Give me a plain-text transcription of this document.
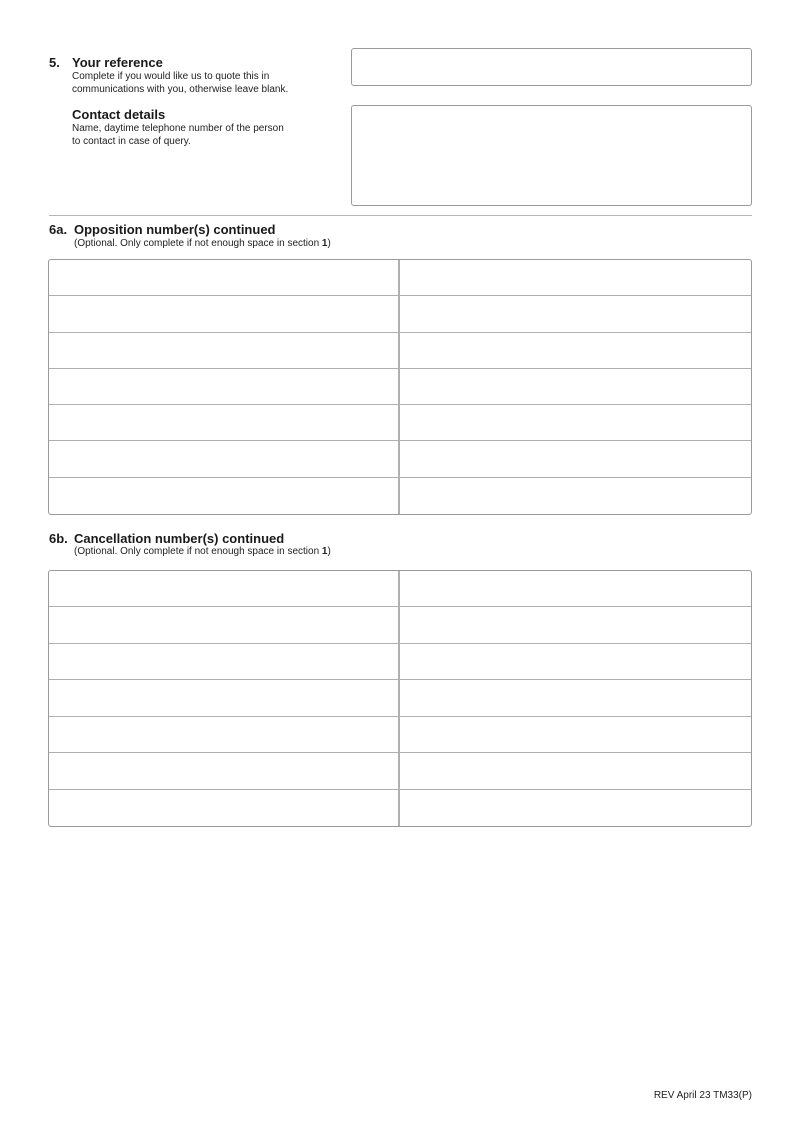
5. Your reference
Complete if you would like us to quote this in
communications with you, otherwise leave blank.
Contact details
Name, daytime telephone number of the person
to contact in case of query.
6a. Opposition number(s) continued
(Optional. Only complete if not enough space in section 1)
6b. Cancellation number(s) continued
(Optional. Only complete if not enough space in section 1)
REV April 23 TM33(P)
